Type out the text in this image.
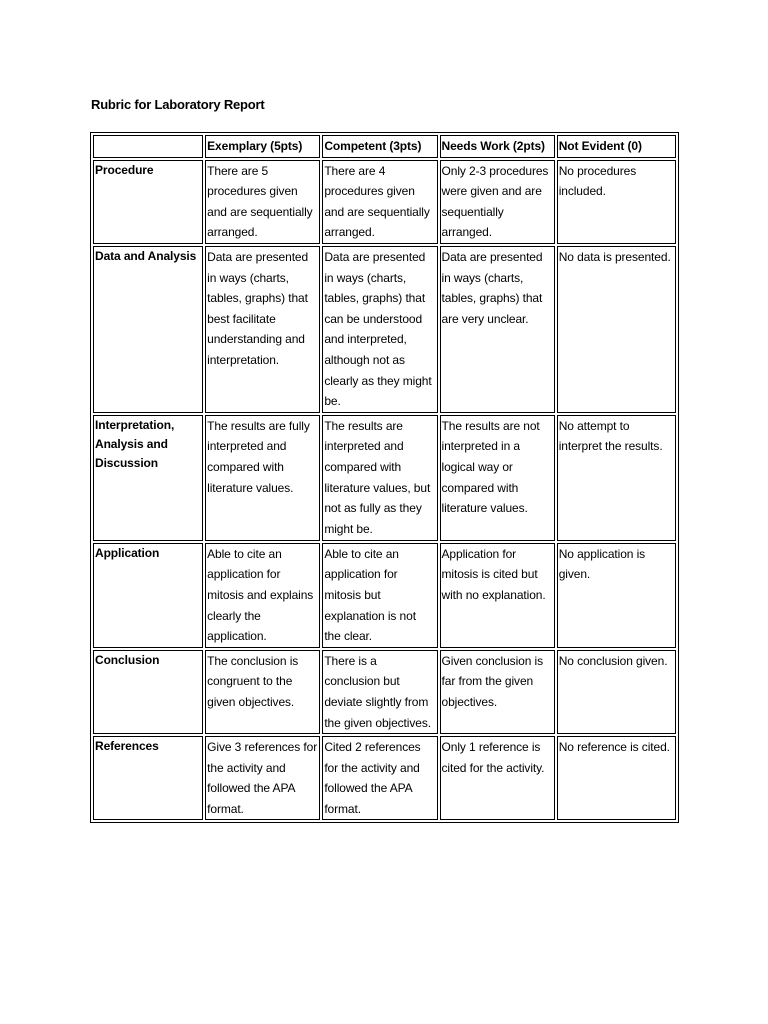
Rubric for Laboratory Report
	Exemplary (5pts)	Competent (3pts)	Needs Work (2pts)	Not Evident (0)
Procedure	There are 5 procedures given and are sequentially arranged.	There are 4 procedures given and are sequentially arranged.	Only 2-3 procedures were given and are sequentially arranged.	No procedures included.
Data and Analysis	Data are presented in ways (charts, tables, graphs) that best facilitate understanding and interpretation.	Data are presented in ways (charts, tables, graphs) that can be understood and interpreted, although not as clearly as they might be.	Data are presented in ways (charts, tables, graphs) that are very unclear.	No data is presented.
Interpretation, Analysis and Discussion	The results are fully interpreted and compared with literature values.	The results are interpreted and compared with literature values, but not as fully as they might be.	The results are not interpreted in a logical way or compared with literature values.	No attempt to interpret the results.
Application	Able to cite an application for mitosis and explains clearly the application.	Able to cite an application for mitosis but explanation is not the clear.	Application for mitosis is cited but with no explanation.	No application is given.
Conclusion	The conclusion is congruent to the given objectives.	There is a conclusion but deviate slightly from the given objectives.	Given conclusion is far from the given objectives.	No conclusion given.
References	Give 3 references for the activity and followed the APA format.	Cited 2 references for the activity and followed the APA format.	Only 1 reference is cited for the activity.	No reference is cited.
